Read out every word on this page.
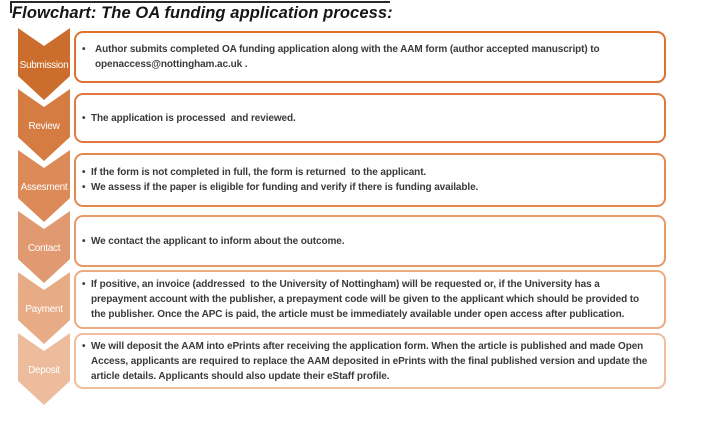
Flowchart: The OA funding application process:
Submission
• Author submits completed OA funding application along with the AAM form (author accepted manuscript) to openaccess@nottingham.ac.uk .
Review
• The application is processed  and reviewed.
Assesment
• If the form is not completed in full, the form is returned  to the applicant.
• We assess if the paper is eligible for funding and verify if there is funding available.
Contact
• We contact the applicant to inform about the outcome.
Payment
• If positive, an invoice (addressed  to the University of Nottingham) will be requested or, if the University has a prepayment account with the publisher, a prepayment code will be given to the applicant which should be provided to the publisher. Once the APC is paid, the article must be immediately available under open access after publication.
Deposit
• We will deposit the AAM into ePrints after receiving the application form. When the article is published and made Open Access, applicants are required to replace the AAM deposited in ePrints with the final published version and update the article details. Applicants should also update their eStaff profile.
